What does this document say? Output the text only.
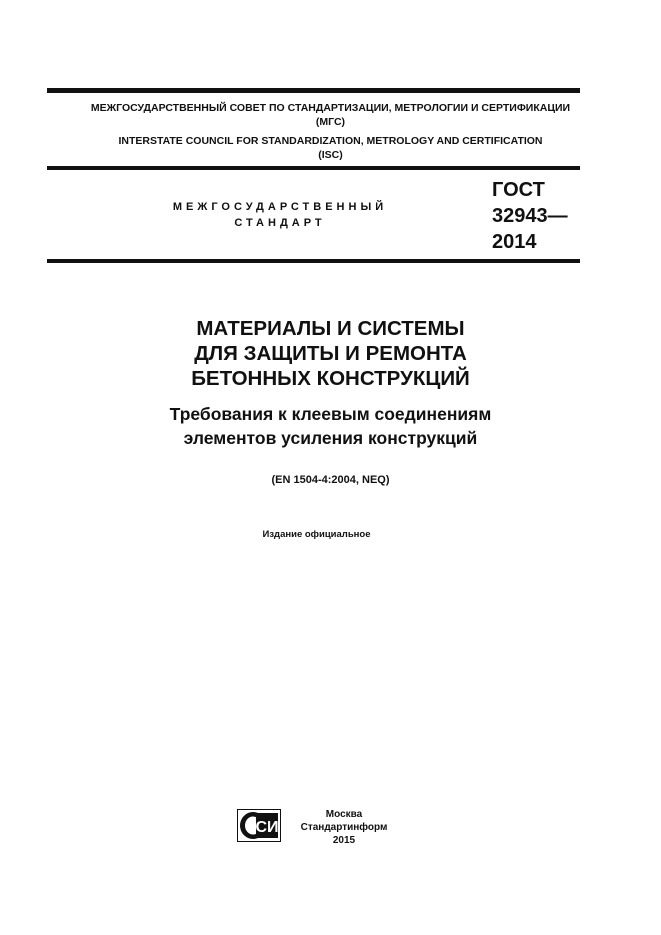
МЕЖГОСУДАРСТВЕННЫЙ СОВЕТ ПО СТАНДАРТИЗАЦИИ, МЕТРОЛОГИИ И СЕРТИФИКАЦИИ
(МГС)
INTERSTATE COUNCIL FOR STANDARDIZATION, METROLOGY AND CERTIFICATION
(ISC)
МЕЖГОСУДАРСТВЕННЫЙ
СТАНДАРТ
ГОСТ
32943—
2014
МАТЕРИАЛЫ И СИСТЕМЫ
ДЛЯ ЗАЩИТЫ И РЕМОНТА
БЕТОННЫХ КОНСТРУКЦИЙ
Требования к клеевым соединениям
элементов усиления конструкций
(EN 1504-4:2004, NEQ)
Издание официальное
СИ
Москва
Стандартинформ
2015
